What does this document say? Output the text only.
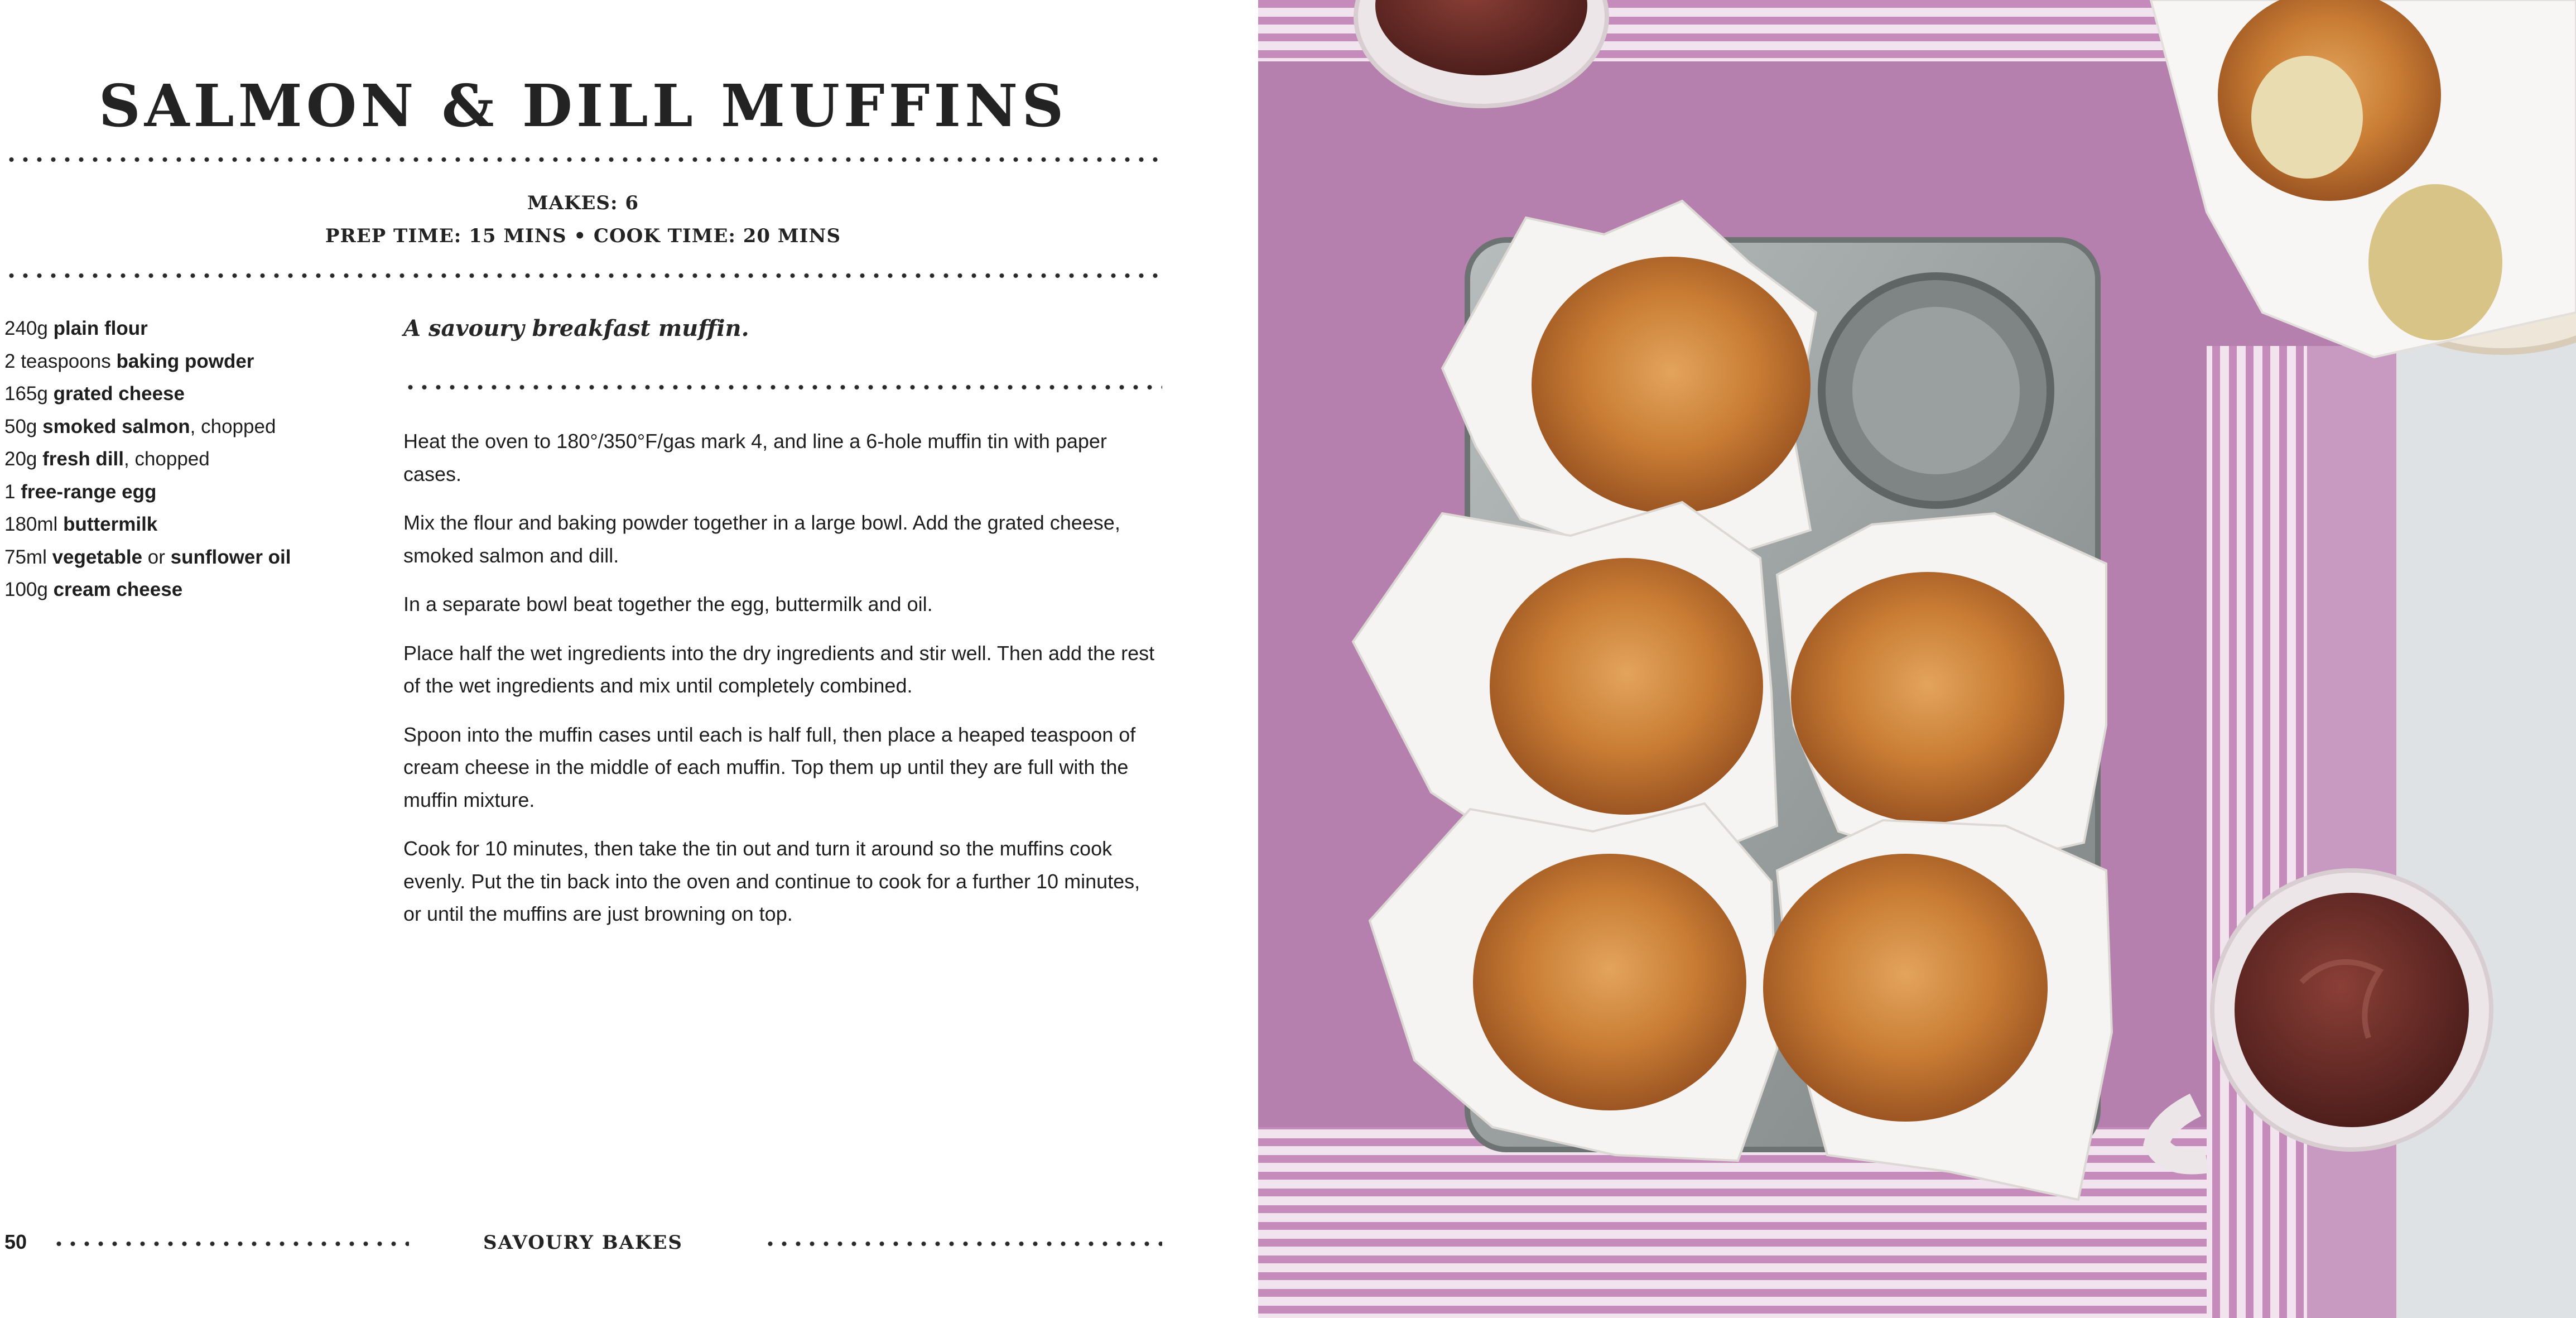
SALMON & DILL MUFFINS
MAKES: 6
PREP TIME: 15 MINS • COOK TIME: 20 MINS
240g plain flour
2 teaspoons baking powder
165g grated cheese
50g smoked salmon, chopped
20g fresh dill, chopped
1 free-range egg
180ml buttermilk
75ml vegetable or sunflower oil
100g cream cheese

A savoury breakfast muffin.

Heat the oven to 180°/350°F/gas mark 4, and line a 6-hole muffin tin with paper cases.

Mix the flour and baking powder together in a large bowl. Add the grated cheese, smoked salmon and dill.

In a separate bowl beat together the egg, buttermilk and oil.

Place half the wet ingredients into the dry ingredients and stir well. Then add the rest of the wet ingredients and mix until completely combined.

Spoon into the muffin cases until each is half full, then place a heaped teaspoon of cream cheese in the middle of each muffin. Top them up until they are full with the muffin mixture.

Cook for 10 minutes, then take the tin out and turn it around so the muffins cook evenly. Put the tin back into the oven and continue to cook for a further 10 minutes, or until the muffins are just browning on top.

50	SAVOURY BAKES
